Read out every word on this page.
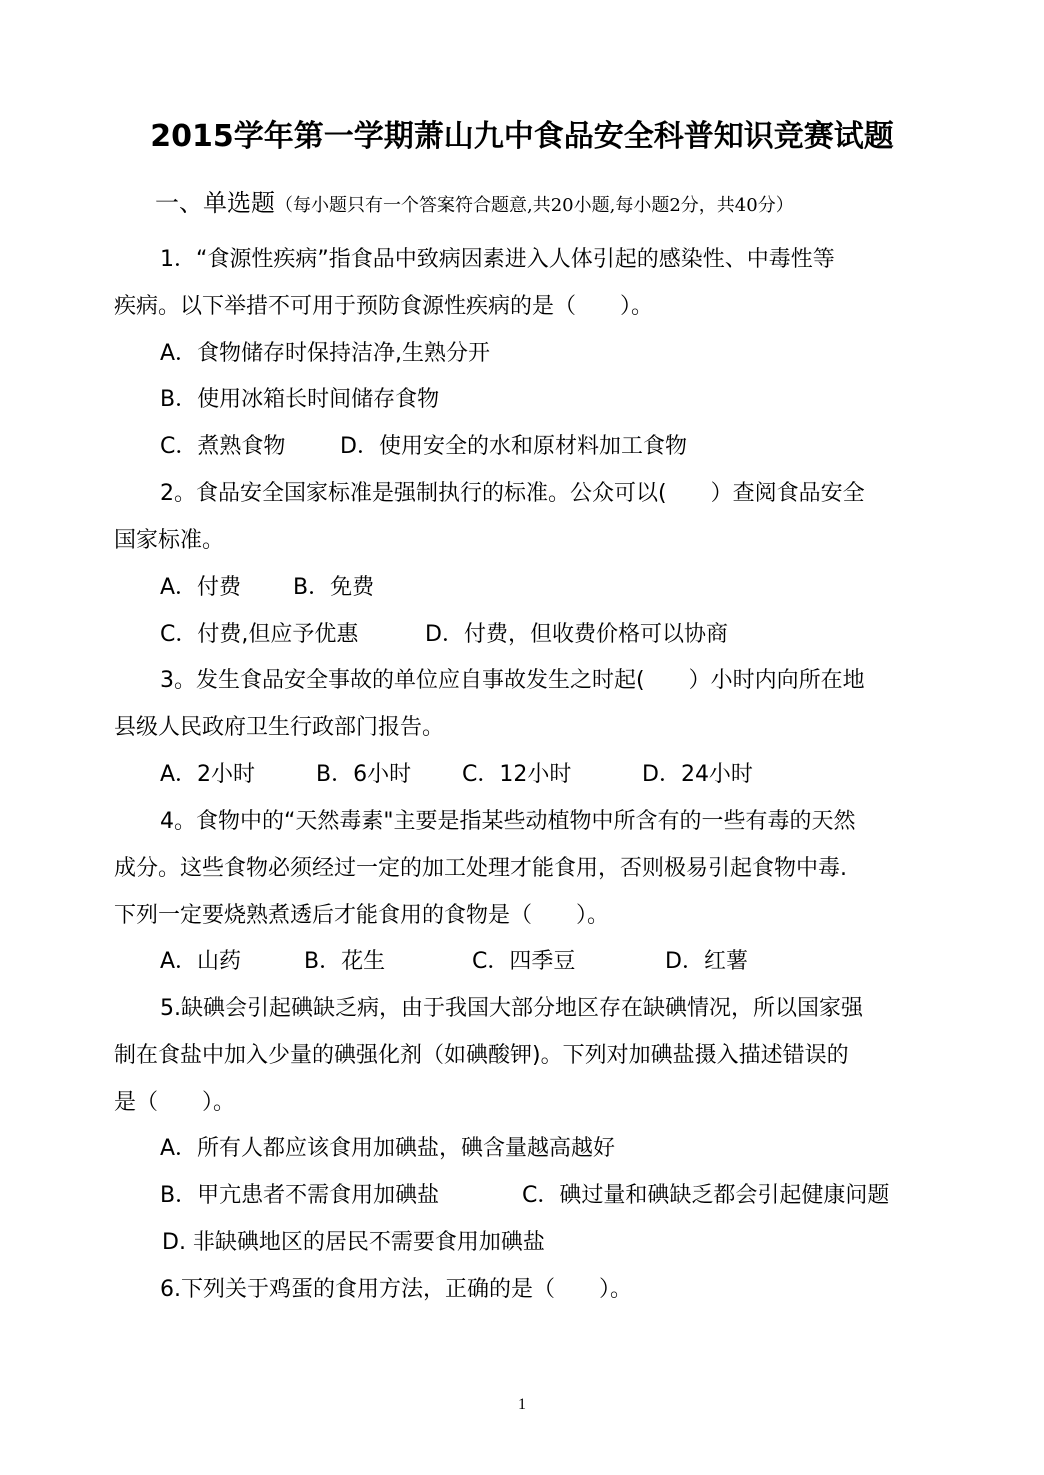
2015学年第一学期萧山九中食品安全科普知识竞赛试题
一、单选题（每小题只有一个答案符合题意,共20小题,每小题2分，共40分）
1．“食源性疾病”指食品中致病因素进入人体引起的感染性、中毒性等
疾病。以下举措不可用于预防食源性疾病的是（　　）。
A．食物储存时保持洁净,生熟分开
B．使用冰箱长时间储存食物
C．煮熟食物 D．使用安全的水和原材料加工食物
2。食品安全国家标准是强制执行的标准。公众可以(　　）查阅食品安全
国家标准。
A．付费 B．免费
C．付费,但应予优惠	D．付费，但收费价格可以协商
3。发生食品安全事故的单位应自事故发生之时起(　　）小时内向所在地
县级人民政府卫生行政部门报告。
A．2小时	B．6小时 C．12小时	D．24小时
4。食物中的“天然毒素"主要是指某些动植物中所含有的一些有毒的天然
成分。这些食物必须经过一定的加工处理才能食用，否则极易引起食物中毒.
下列一定要烧熟煮透后才能食用的食物是（　　）。
A．山药	B．花生	C．四季豆	D．红薯
5.缺碘会引起碘缺乏病，由于我国大部分地区存在缺碘情况，所以国家强
制在食盐中加入少量的碘强化剂（如碘酸钾)。下列对加碘盐摄入描述错误的
是（　　）。
A．所有人都应该食用加碘盐，碘含量越高越好
B．甲亢患者不需食用加碘盐	C．碘过量和碘缺乏都会引起健康问题
D. 非缺碘地区的居民不需要食用加碘盐
6.下列关于鸡蛋的食用方法，正确的是（　　）。
1
